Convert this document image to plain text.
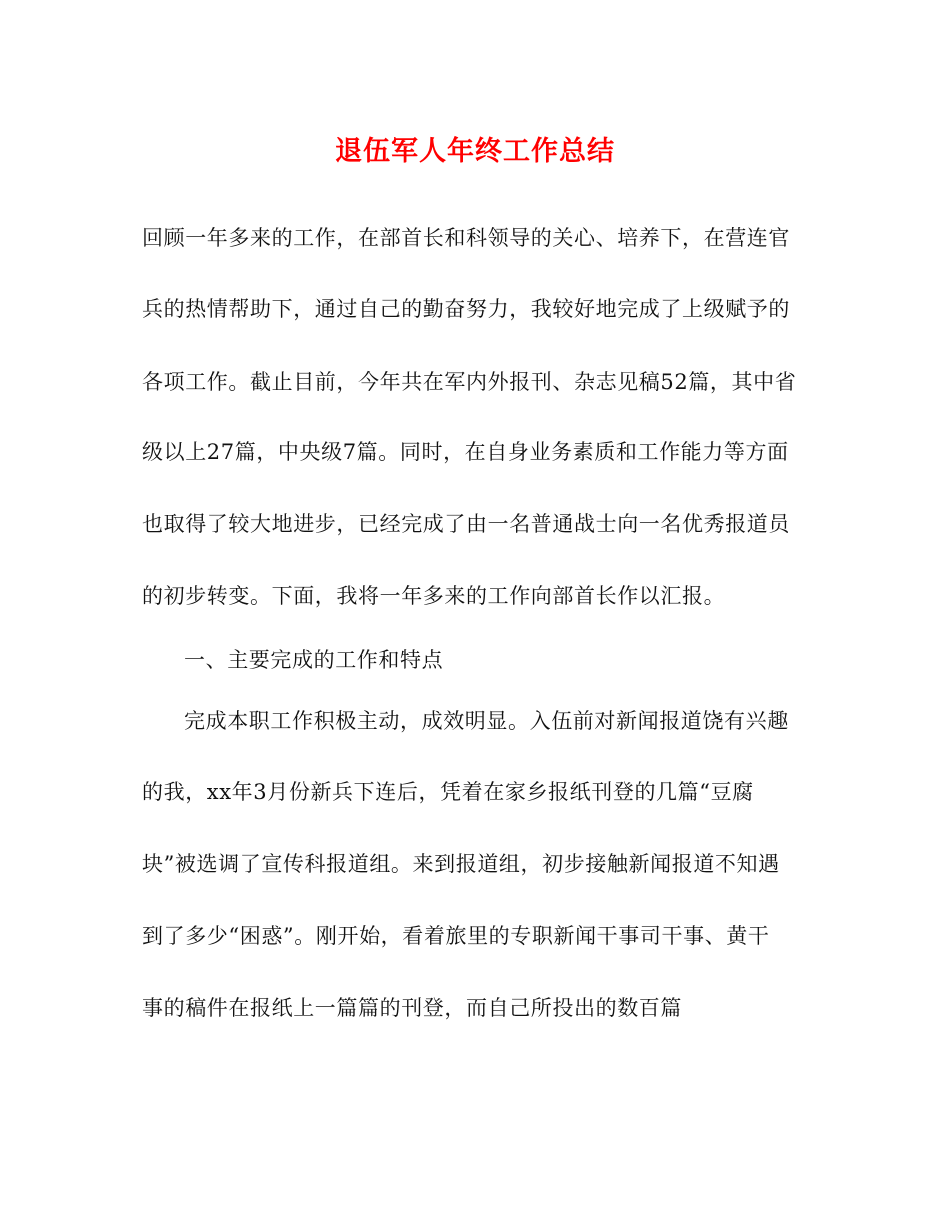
退伍军人年终工作总结
回顾一年多来的工作，在部首长和科领导的关心、培养下，在营连官
兵的热情帮助下，通过自己的勤奋努力，我较好地完成了上级赋予的
各项工作。截止目前，今年共在军内外报刊、杂志见稿52篇，其中省
级以上27篇，中央级7篇。同时，在自身业务素质和工作能力等方面
也取得了较大地进步，已经完成了由一名普通战士向一名优秀报道员
的初步转变。下面，我将一年多来的工作向部首长作以汇报。
一、主要完成的工作和特点
完成本职工作积极主动，成效明显。入伍前对新闻报道饶有兴趣
的我，xx年3月份新兵下连后，凭着在家乡报纸刊登的几篇“豆腐
块”被选调了宣传科报道组。来到报道组，初步接触新闻报道不知遇
到了多少“困惑”。刚开始，看着旅里的专职新闻干事司干事、黄干
事的稿件在报纸上一篇篇的刊登，而自己所投出的数百篇
